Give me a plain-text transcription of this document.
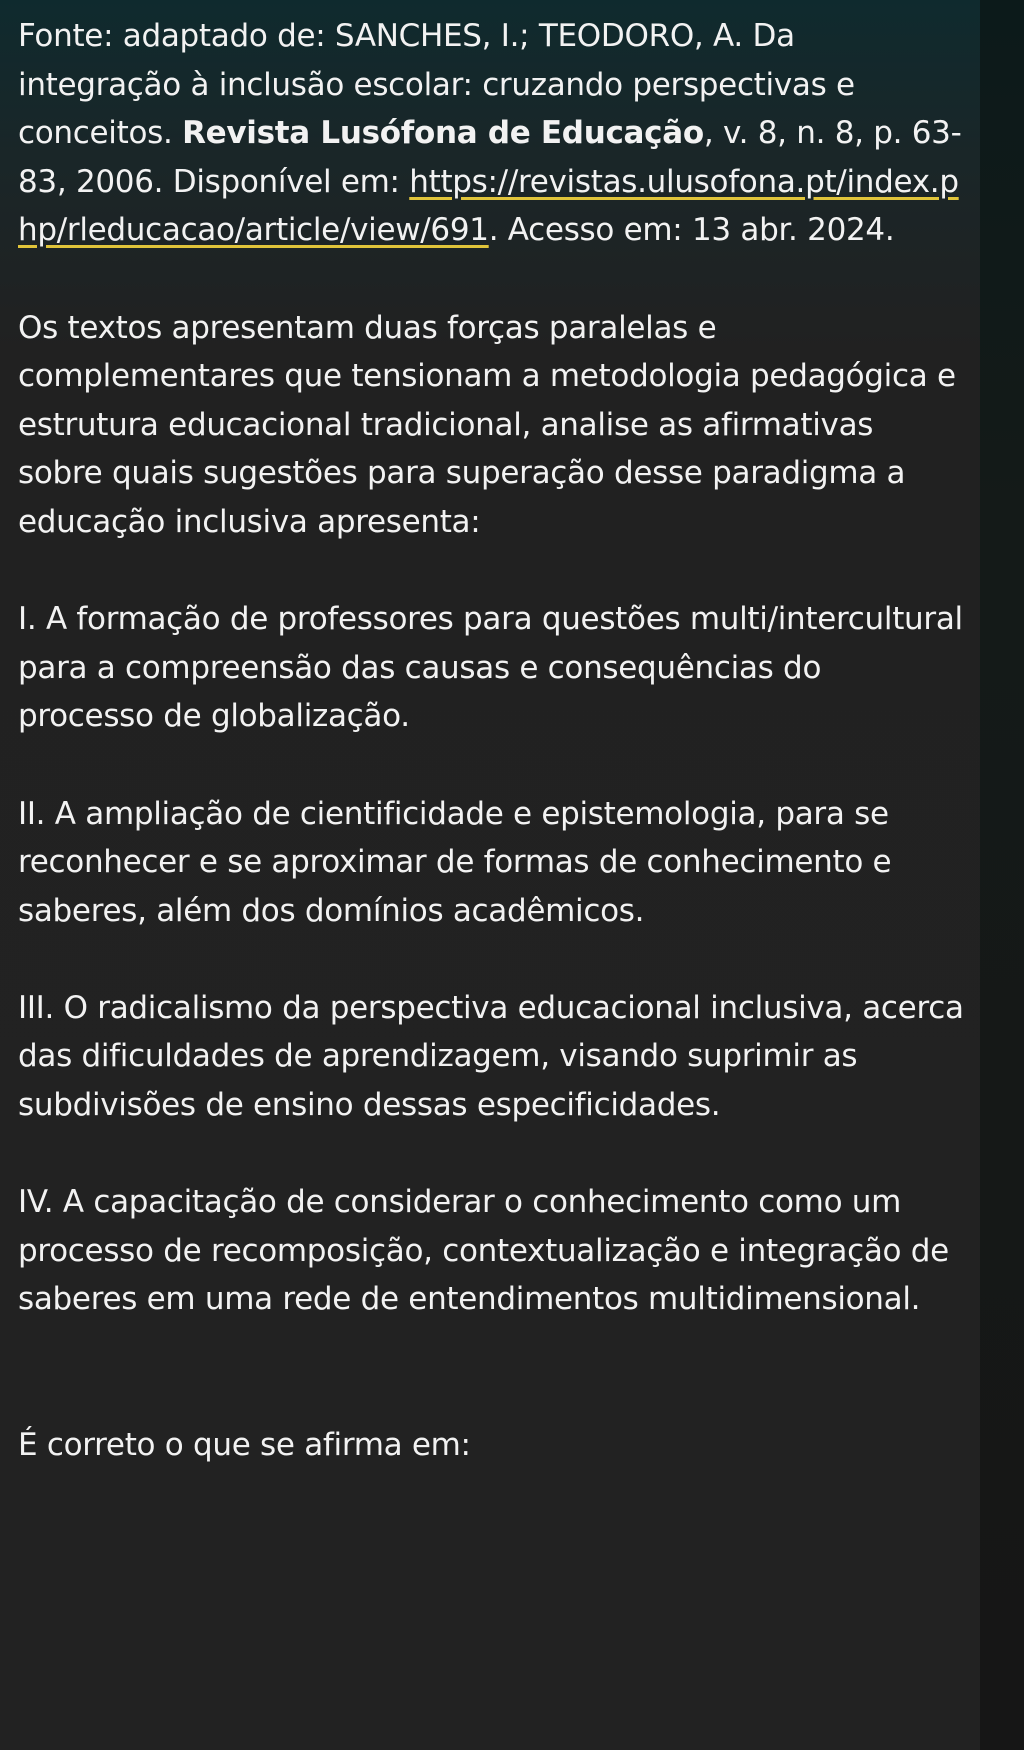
Fonte: adaptado de: SANCHES, I.; TEODORO, A. Da integração à inclusão escolar: cruzando perspectivas e conceitos. Revista Lusófona de Educação, v. 8, n. 8, p. 63-83, 2006. Disponível em: https://revistas.ulusofona.pt/index.php/rleducacao/article/view/691. Acesso em: 13 abr. 2024.

Os textos apresentam duas forças paralelas e complementares que tensionam a metodologia pedagógica e estrutura educacional tradicional, analise as afirmativas sobre quais sugestões para superação desse paradigma a educação inclusiva apresenta:

I. A formação de professores para questões multi/intercultural para a compreensão das causas e consequências do processo de globalização.

II. A ampliação de cientificidade e epistemologia, para se reconhecer e se aproximar de formas de conhecimento e saberes, além dos domínios acadêmicos.

III. O radicalismo da perspectiva educacional inclusiva, acerca das dificuldades de aprendizagem, visando suprimir as subdivisões de ensino dessas especificidades.

IV. A capacitação de considerar o conhecimento como um processo de recomposição, contextualização e integração de saberes em uma rede de entendimentos multidimensional.

É correto o que se afirma em:
